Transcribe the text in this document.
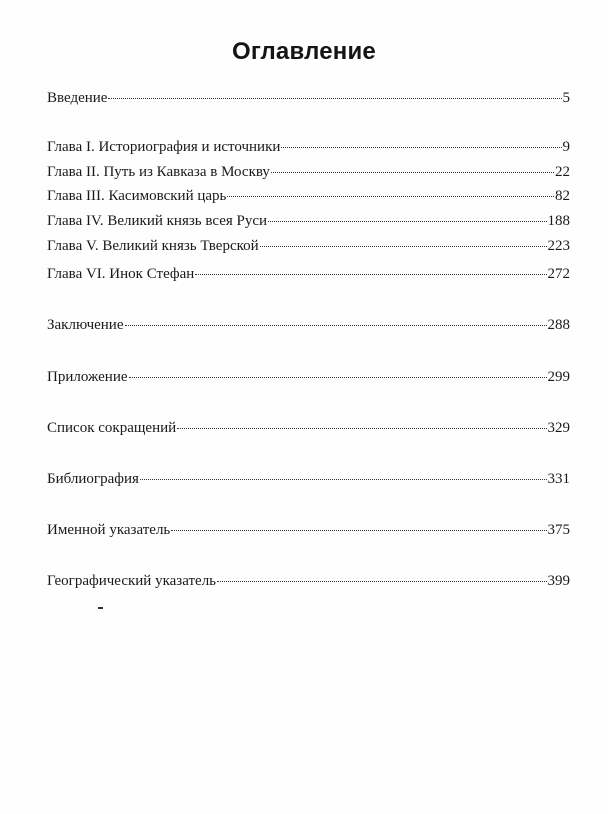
Оглавление
Введение	5
Глава I. Историография и источники	9
Глава II. Путь из Кавказа в Москву	22
Глава III. Касимовский царь	82
Глава IV. Великий князь всея Руси	188
Глава V. Великий князь Тверской	223
Глава VI. Инок Стефан	272
Заключение	288
Приложение	299
Список сокращений	329
Библиография	331
Именной указатель	375
Географический указатель	399
